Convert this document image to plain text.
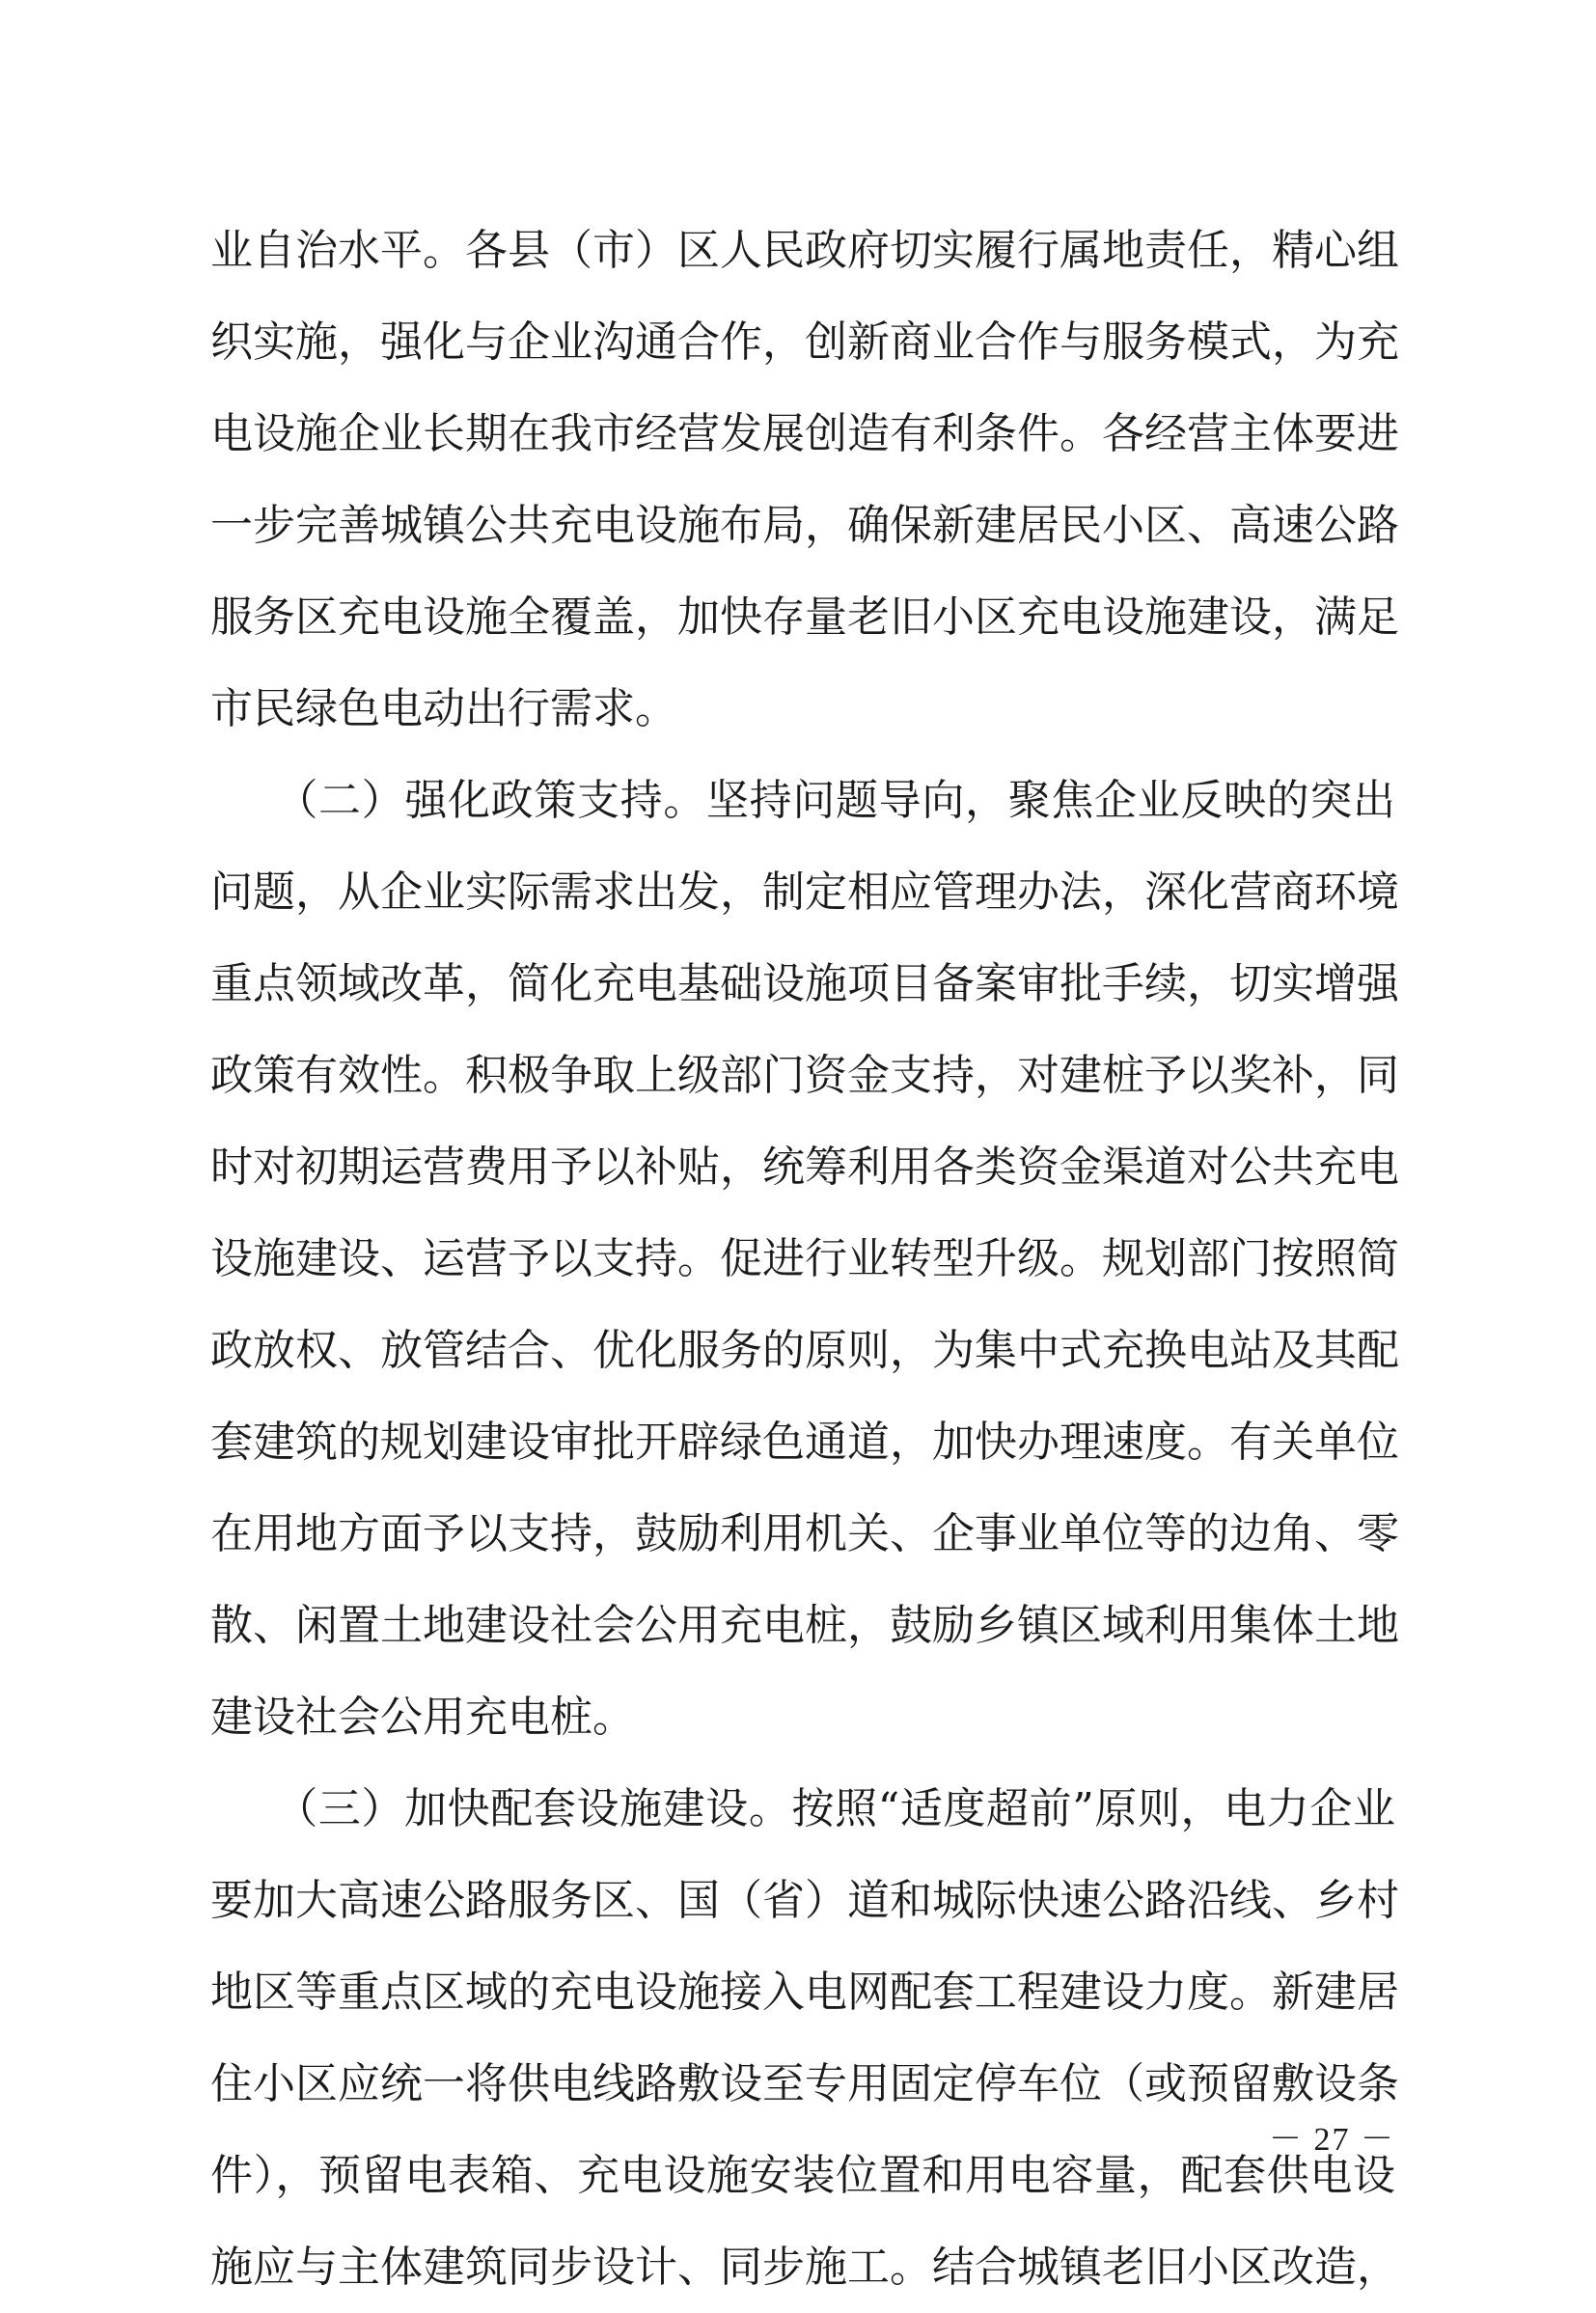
业自治水平。各县（市）区人民政府切实履行属地责任，精心组
织实施，强化与企业沟通合作，创新商业合作与服务模式，为充
电设施企业长期在我市经营发展创造有利条件。各经营主体要进
一步完善城镇公共充电设施布局，确保新建居民小区、高速公路
服务区充电设施全覆盖，加快存量老旧小区充电设施建设，满足
市民绿色电动出行需求。
　　（二）强化政策支持。坚持问题导向，聚焦企业反映的突出
问题，从企业实际需求出发，制定相应管理办法，深化营商环境
重点领域改革，简化充电基础设施项目备案审批手续，切实增强
政策有效性。积极争取上级部门资金支持，对建桩予以奖补，同
时对初期运营费用予以补贴，统筹利用各类资金渠道对公共充电
设施建设、运营予以支持。促进行业转型升级。规划部门按照简
政放权、放管结合、优化服务的原则，为集中式充换电站及其配
套建筑的规划建设审批开辟绿色通道，加快办理速度。有关单位
在用地方面予以支持，鼓励利用机关、企事业单位等的边角、零
散、闲置土地建设社会公用充电桩，鼓励乡镇区域利用集体土地
建设社会公用充电桩。
　　（三）加快配套设施建设。按照“适度超前”原则，电力企业
要加大高速公路服务区、国（省）道和城际快速公路沿线、乡村
地区等重点区域的充电设施接入电网配套工程建设力度。新建居
住小区应统一将供电线路敷设至专用固定停车位（或预留敷设条
件），预留电表箱、充电设施安装位置和用电容量，配套供电设
施应与主体建筑同步设计、同步施工。结合城镇老旧小区改造，
－ 27 －
